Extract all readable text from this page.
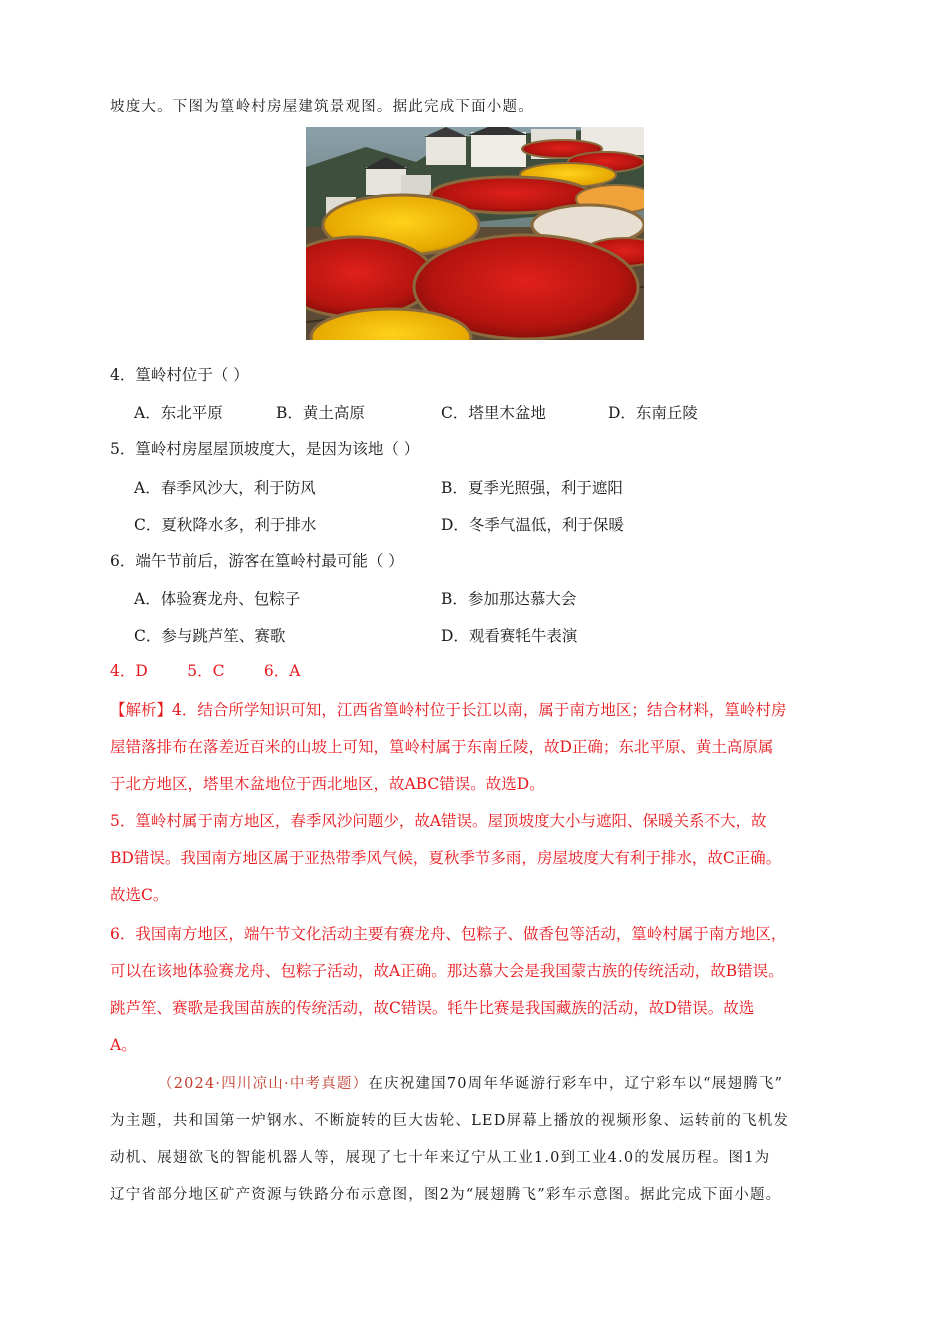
坡度大。下图为篁岭村房屋建筑景观图。据此完成下面小题。
4．篁岭村位于（ ）
A．东北平原	B．黄土高原	C．塔里木盆地	D．东南丘陵
5．篁岭村房屋屋顶坡度大，是因为该地（ ）
A．春季风沙大，利于防风	B．夏季光照强，利于遮阳
C．夏秋降水多，利于排水	D．冬季气温低，利于保暖
6．端午节前后，游客在篁岭村最可能（ ）
A．体验赛龙舟、包粽子	B．参加那达慕大会
C．参与跳芦笙、赛歌	D．观看赛牦牛表演
4．D        5．C        6．A
【解析】4．结合所学知识可知，江西省篁岭村位于长江以南，属于南方地区；结合材料，篁岭村房
屋错落排布在落差近百米的山坡上可知，篁岭村属于东南丘陵，故D正确；东北平原、黄土高原属
于北方地区，塔里木盆地位于西北地区，故ABC错误。故选D。
5．篁岭村属于南方地区，春季风沙问题少，故A错误。屋顶坡度大小与遮阳、保暖关系不大，故
BD错误。我国南方地区属于亚热带季风气候，夏秋季节多雨，房屋坡度大有利于排水，故C正确。
故选C。
6．我国南方地区，端午节文化活动主要有赛龙舟、包粽子、做香包等活动，篁岭村属于南方地区，
可以在该地体验赛龙舟、包粽子活动，故A正确。那达慕大会是我国蒙古族的传统活动，故B错误。
跳芦笙、赛歌是我国苗族的传统活动，故C错误。牦牛比赛是我国藏族的活动，故D错误。故选
A。
（2024·四川凉山·中考真题）在庆祝建国70周年华诞游行彩车中，辽宁彩车以“展翅腾飞”
为主题，共和国第一炉钢水、不断旋转的巨大齿轮、LED屏幕上播放的视频形象、运转前的飞机发
动机、展翅欲飞的智能机器人等，展现了七十年来辽宁从工业1.0到工业4.0的发展历程。图1为
辽宁省部分地区矿产资源与铁路分布示意图，图2为“展翅腾飞”彩车示意图。据此完成下面小题。
